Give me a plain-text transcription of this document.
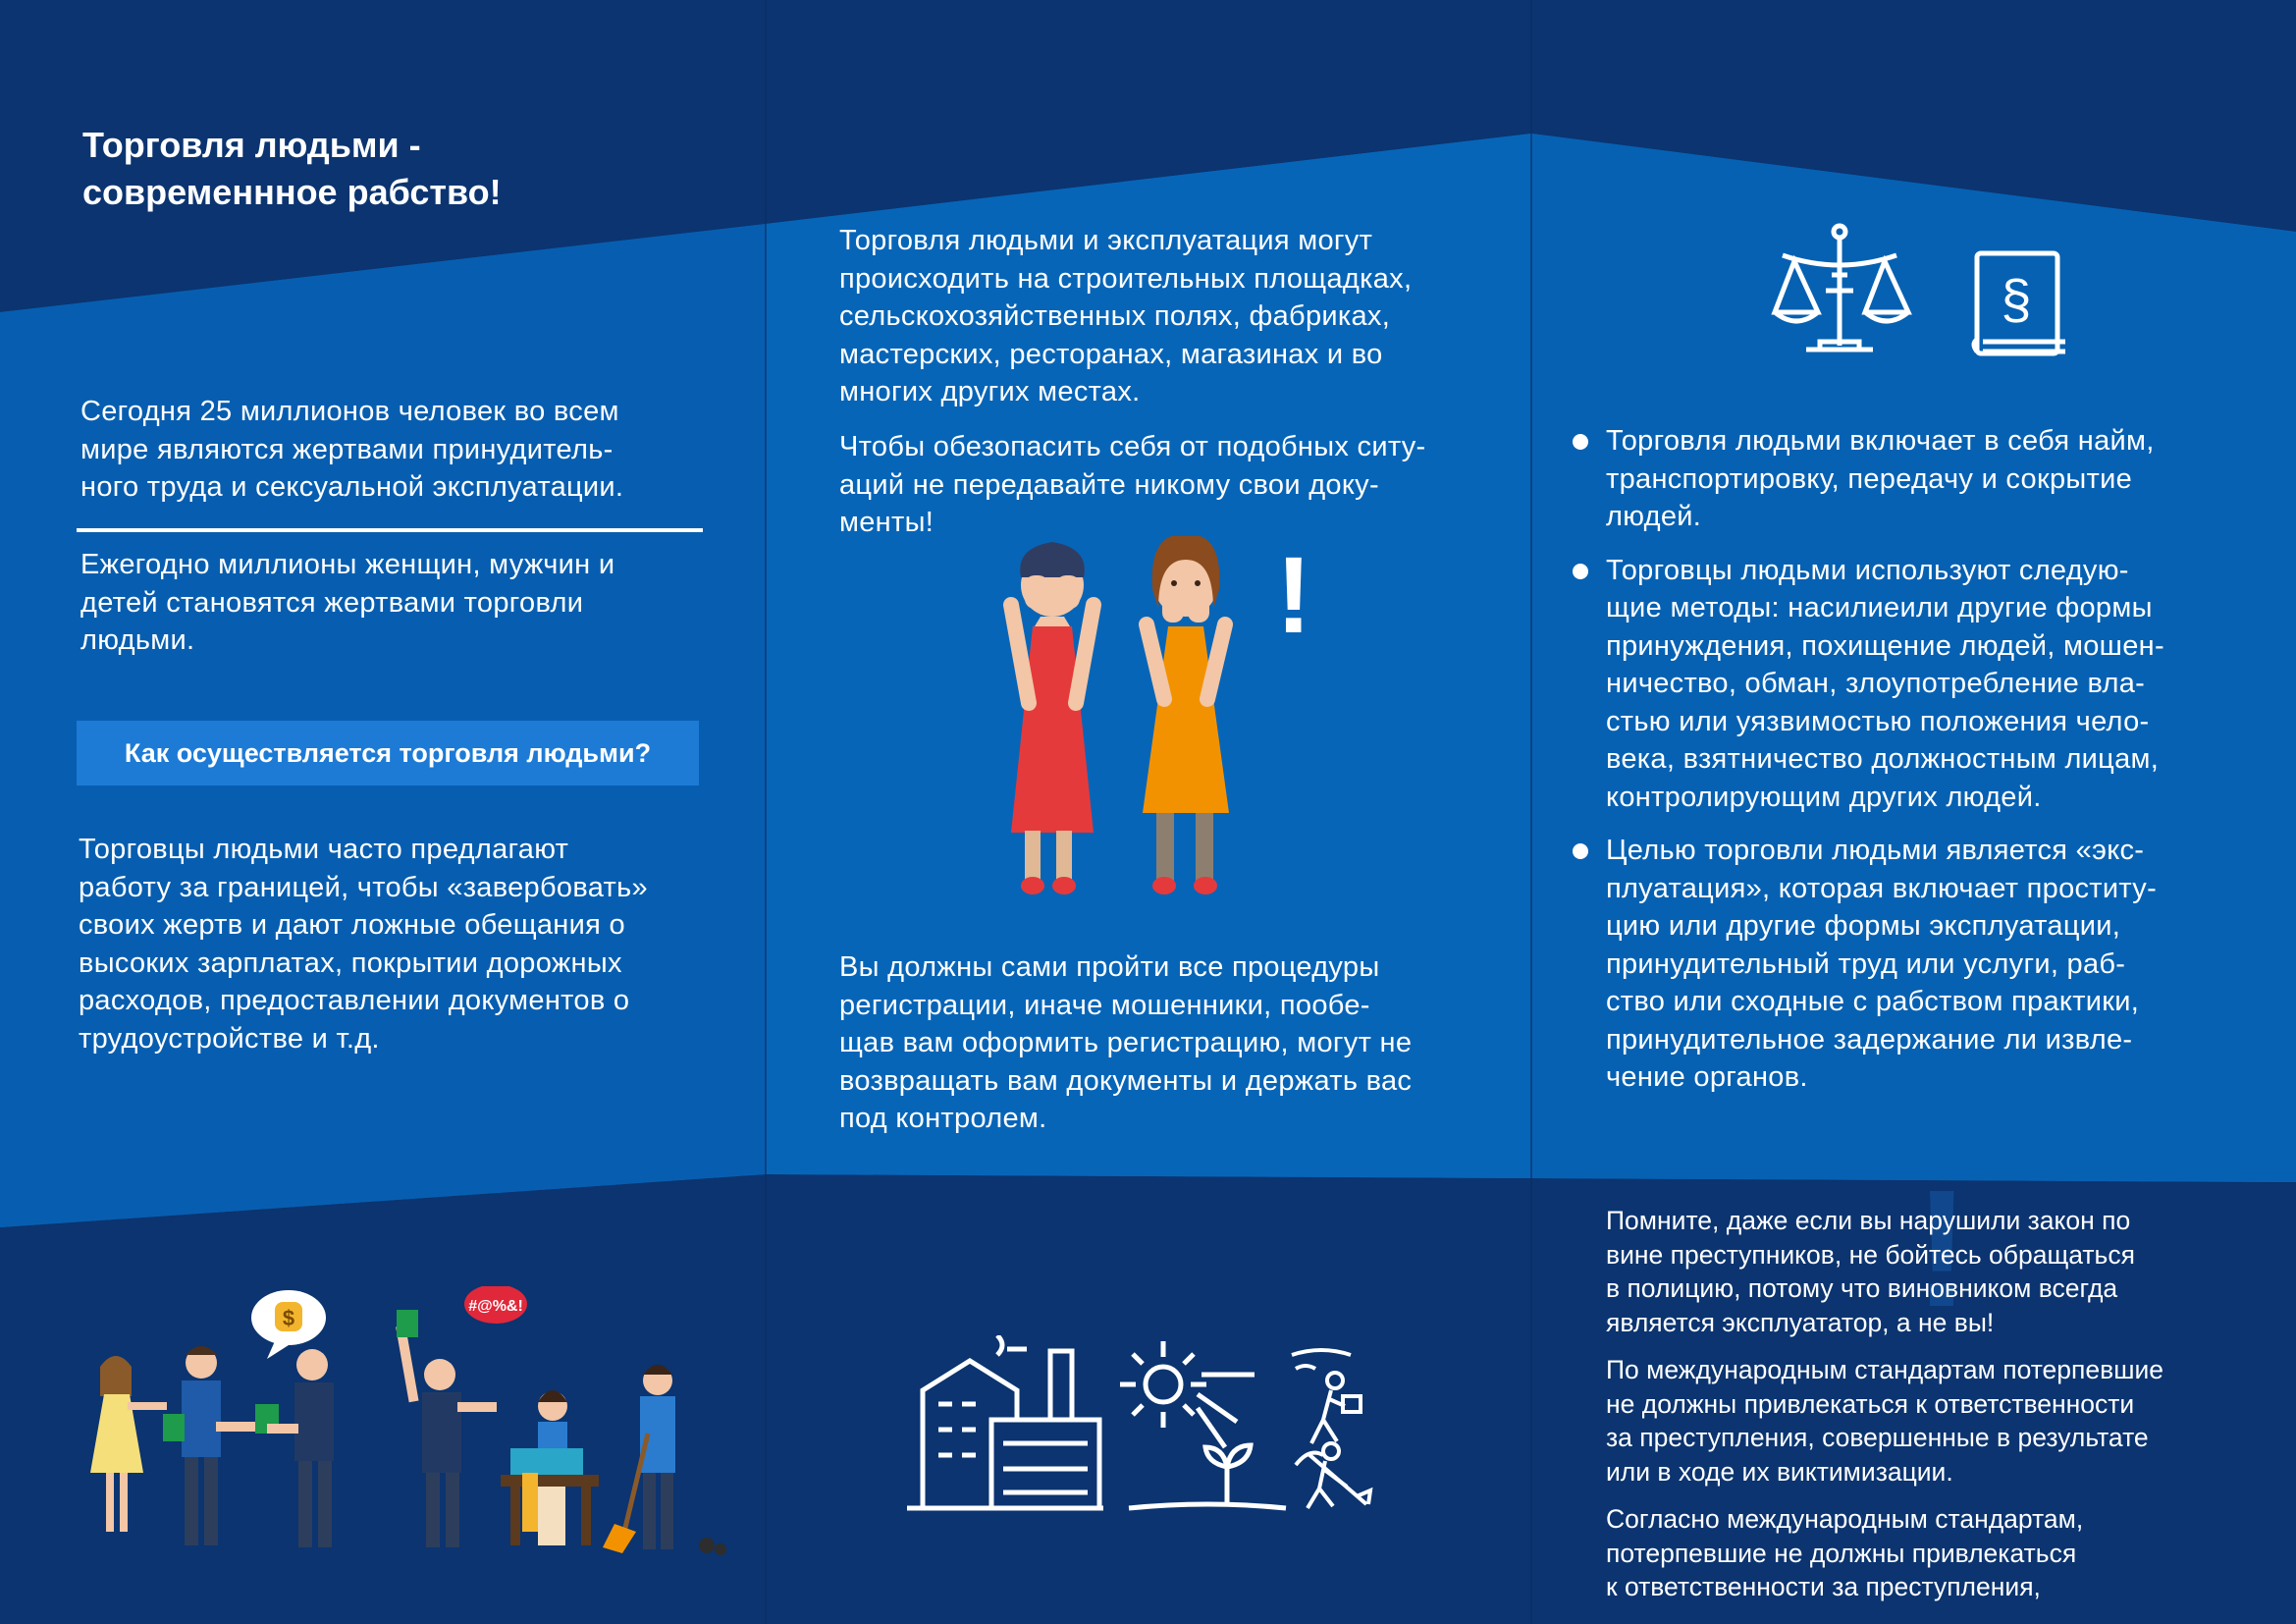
!
Торговля людьми -
современнное рабство!
Сегодня 25 миллионов человек во всем
мире являются жертвами принудитель-
ного труда и сексуальной эксплуатации.
Ежегодно миллионы женщин, мужчин и
детей становятся жертвами торговли
людьми.
Как осуществляется торговля людьми?
Торговцы людьми часто предлагают
работу за границей, чтобы «завербовать»
своих жертв и дают ложные обещания о
высоких зарплатах, покрытии дорожных
расходов, предоставлении документов о
трудоустройстве и т.д.
$	#@%&!
Торговля людьми и эксплуатация могут
происходить на строительных площадках,
сельскохозяйственных полях, фабриках,
мастерских, ресторанах, магазинах и во
многих других местах.
Чтобы обезопасить себя от подобных ситу-
аций не передавайте никому свои доку-
менты!
!
Вы должны сами пройти все процедуры
регистрации, иначе мошенники, пообе-
щав вам оформить регистрацию, могут не
возвращать вам документы и держать вас
под контролем.
§
Торговля людьми включает в себя найм,
транспортировку, передачу и сокрытие
людей.
Торговцы людьми используют следую-
щие методы: насилиеили другие формы
принуждения, похищение людей, мошен-
ничество, обман, злоупотребление вла-
стью или уязвимостью положения чело-
века, взятничество должностным лицам,
контролирующим других людей.
Целью торговли людьми является «экс-
плуатация», которая включает проститу-
цию или другие формы эксплуатации,
принудительный труд или услуги, раб-
ство или сходные с рабством практики,
принудительное задержание ли извле-
чение органов.
Помните, даже если вы нарушили закон по
вине преступников, не бойтесь обращаться
в полицию, потому что виновником всегда
является эксплуататор, а не вы!
По международным стандартам потерпевшие
не должны привлекаться к ответственности
за преступления, совершенные в результате
или в ходе их виктимизации.
Согласно международным стандартам,
потерпевшие не должны привлекаться
к ответственности за преступления,
